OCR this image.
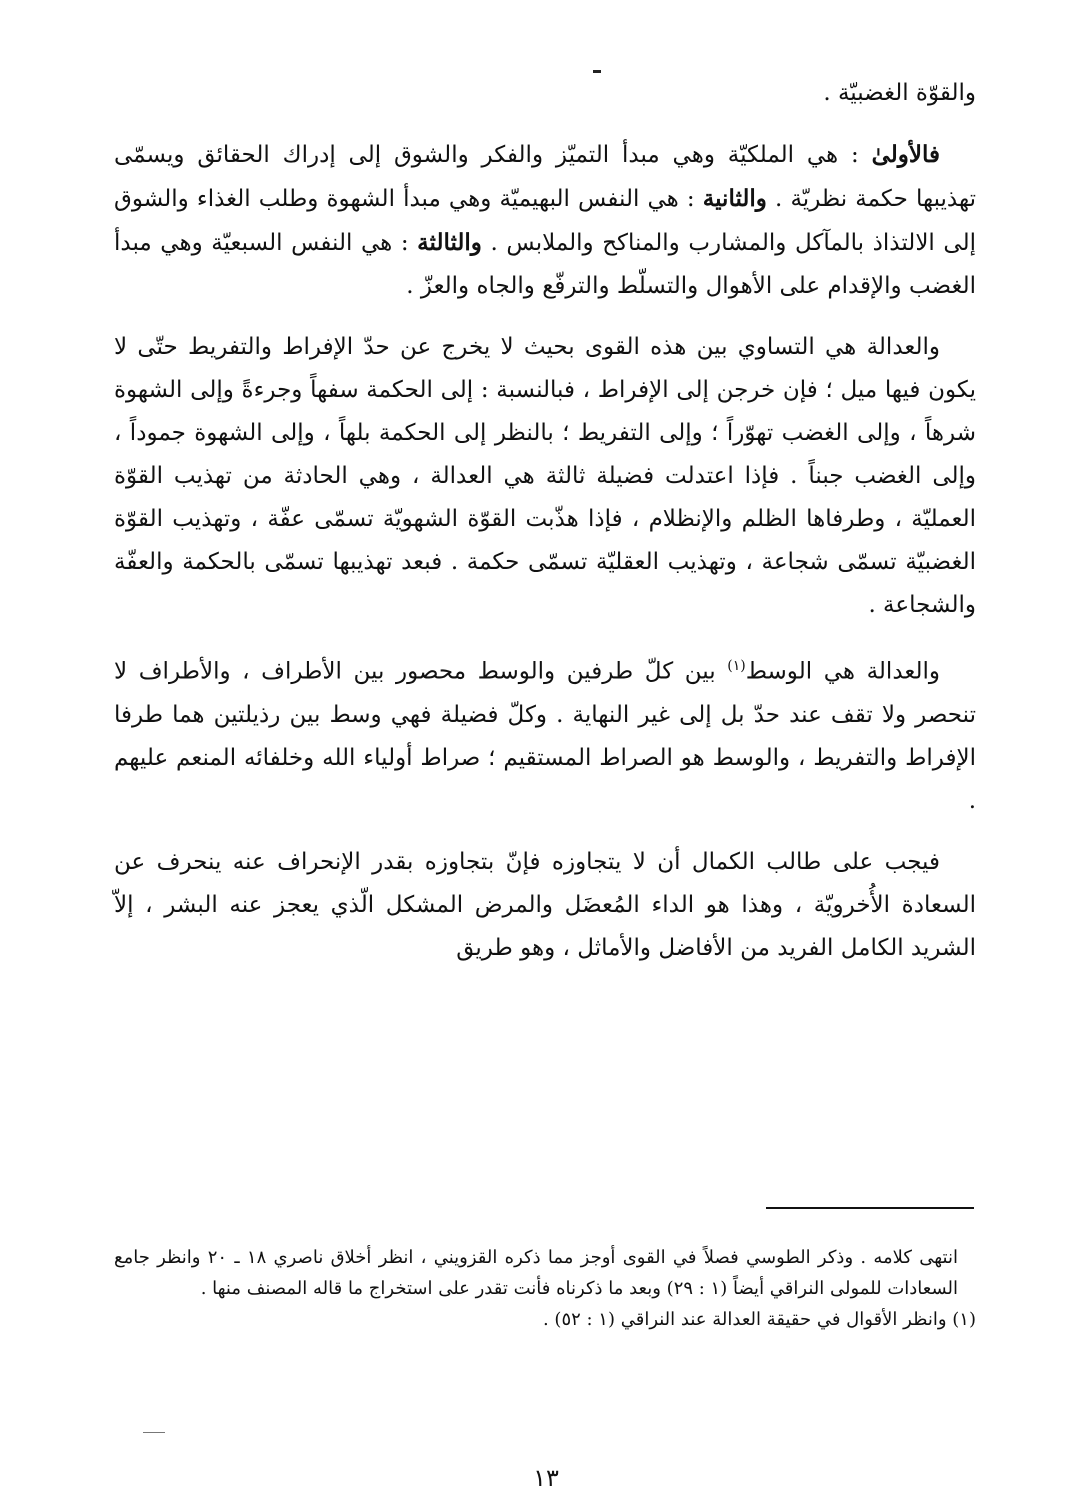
والقوّة الغضبيّة .

فالأولىٰ : هي الملكيّة وهي مبدأ التميّز والفكر والشوق إلى إدراك الحقائق ويسمّى تهذيبها حكمة نظريّة . والثانية : هي النفس البهيميّة وهي مبدأ الشهوة وطلب الغذاء والشوق إلى الالتذاذ بالمآكل والمشارب والمناكح والملابس . والثالثة : هي النفس السبعيّة وهي مبدأ الغضب والإقدام على الأهوال والتسلّط والترفّع والجاه والعزّ .

والعدالة هي التساوي بين هذه القوى بحيث لا يخرج عن حدّ الإفراط والتفريط حتّى لا يكون فيها ميل ؛ فإن خرجن إلى الإفراط ، فبالنسبة : إلى الحكمة سفهاً وجرءةً وإلى الشهوة شرهاً ، وإلى الغضب تهوّراً ؛ وإلى التفريط ؛ بالنظر إلى الحكمة بلهاً ، وإلى الشهوة جموداً ، وإلى الغضب جبناً . فإذا اعتدلت فضيلة ثالثة هي العدالة ، وهي الحادثة من تهذيب القوّة العمليّة ، وطرفاها الظلم والإنظلام ، فإذا هذّبت القوّة الشهويّة تسمّى عفّة ، وتهذيب القوّة الغضبيّة تسمّى شجاعة ، وتهذيب العقليّة تسمّى حكمة . فبعد تهذيبها تسمّى بالحكمة والعفّة والشجاعة .

والعدالة هي الوسط$^{(١)}$ بين كلّ طرفين والوسط محصور بين الأطراف ، والأطراف لا تنحصر ولا تقف عند حدّ بل إلى غير النهاية . وكلّ فضيلة فهي وسط بين رذيلتين هما طرفا الإفراط والتفريط ، والوسط هو الصراط المستقيم ؛ صراط أولياء الله وخلفائه المنعم عليهم .

فيجب على طالب الكمال أن لا يتجاوزه فإنّ بتجاوزه بقدر الإنحراف عنه ينحرف عن السعادة الأُخرويّة ، وهذا هو الداء المُعضَل والمرض المشكل الّذي يعجز عنه البشر ، إلاّ الشريد الكامل الفريد من الأفاضل والأماثل ، وهو طريق

انتهى كلامه . وذكر الطوسي فصلاً في القوى أوجز مما ذكره القزويني ، انظر أخلاق ناصري ١٨ ـ ٢٠ وانظر جامع السعادات للمولى النراقي أيضاً (١ : ٢٩) وبعد ما ذكرناه فأنت تقدر على استخراج ما قاله المصنف منها .
(١) وانظر الأقوال في حقيقة العدالة عند النراقي (١ : ٥٢) .
١٣
